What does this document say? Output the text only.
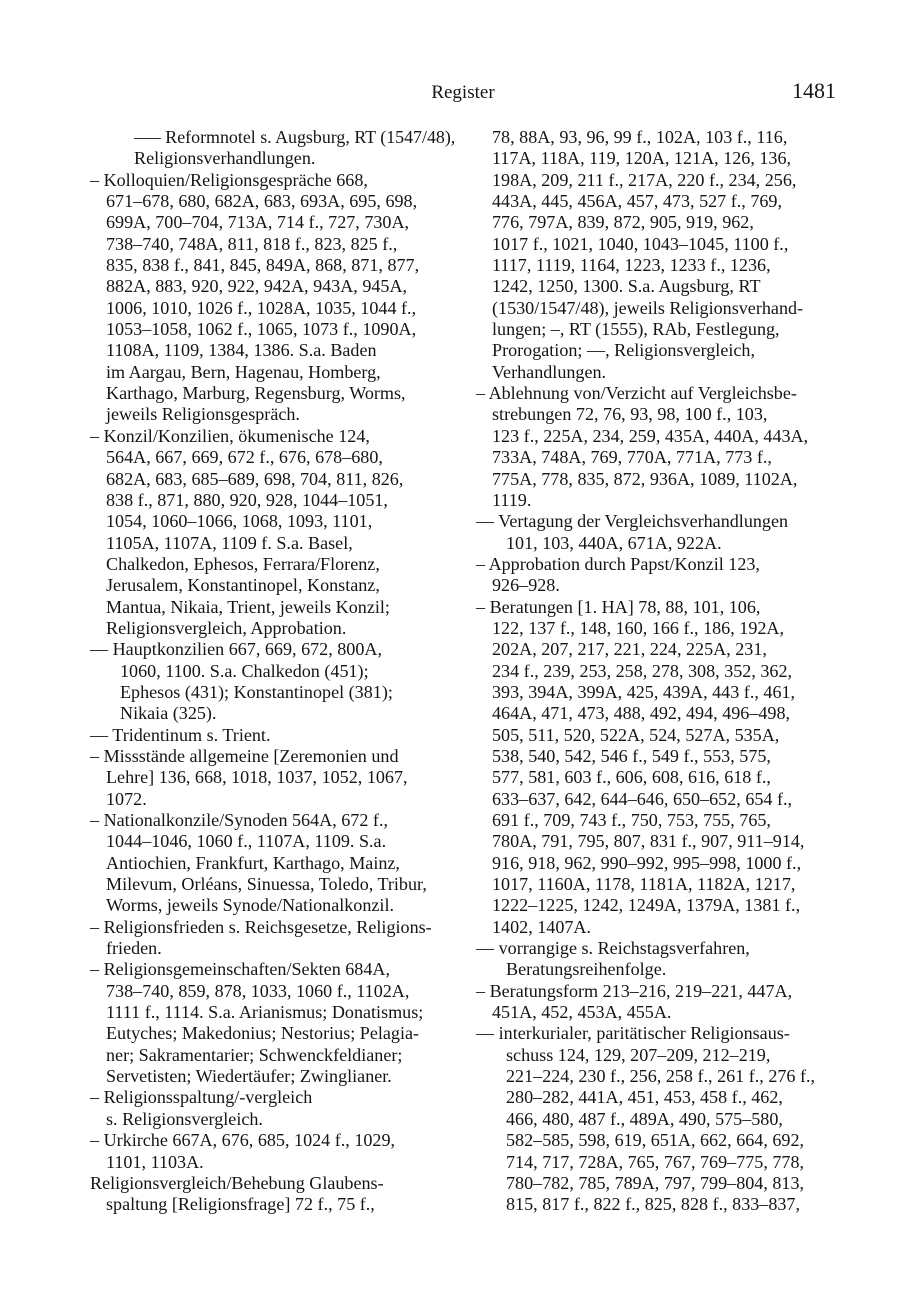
Register	1481
––– Reformnotel s. Augsburg, RT (1547/48),
Religionsverhandlungen.
– Kolloquien/Religionsgespräche 668,
671–678, 680, 682A, 683, 693A, 695, 698,
699A, 700–704, 713A, 714 f., 727, 730A,
738–740, 748A, 811, 818 f., 823, 825 f.,
835, 838 f., 841, 845, 849A, 868, 871, 877,
882A, 883, 920, 922, 942A, 943A, 945A,
1006, 1010, 1026 f., 1028A, 1035, 1044 f.,
1053–1058, 1062 f., 1065, 1073 f., 1090A,
1108A, 1109, 1384, 1386. S.a. Baden
im Aargau, Bern, Hagenau, Homberg,
Karthago, Marburg, Regensburg, Worms,
jeweils Religionsgespräch.
– Konzil/Konzilien, ökumenische 124,
564A, 667, 669, 672 f., 676, 678–680,
682A, 683, 685–689, 698, 704, 811, 826,
838 f., 871, 880, 920, 928, 1044–1051,
1054, 1060–1066, 1068, 1093, 1101,
1105A, 1107A, 1109 f. S.a. Basel,
Chalkedon, Ephesos, Ferrara/Florenz,
Jerusalem, Konstantinopel, Konstanz,
Mantua, Nikaia, Trient, jeweils Konzil;
Religionsvergleich, Approbation.
–– Hauptkonzilien 667, 669, 672, 800A,
1060, 1100. S.a. Chalkedon (451);
Ephesos (431); Konstantinopel (381);
Nikaia (325).
–– Tridentinum s. Trient.
– Missstände allgemeine [Zeremonien und
Lehre] 136, 668, 1018, 1037, 1052, 1067,
1072.
– Nationalkonzile/Synoden 564A, 672 f.,
1044–1046, 1060 f., 1107A, 1109. S.a.
Antiochien, Frankfurt, Karthago, Mainz,
Milevum, Orléans, Sinuessa, Toledo, Tribur,
Worms, jeweils Synode/Nationalkonzil.
– Religionsfrieden s. Reichsgesetze, Religions-
frieden.
– Religionsgemeinschaften/Sekten 684A,
738–740, 859, 878, 1033, 1060 f., 1102A,
1111 f., 1114. S.a. Arianismus; Donatismus;
Eutyches; Makedonius; Nestorius; Pelagia-
ner; Sakramentarier; Schwenckfeldianer;
Servetisten; Wiedertäufer; Zwinglianer.
– Religionsspaltung/-vergleich
s. Religionsvergleich.
– Urkirche 667A, 676, 685, 1024 f., 1029,
1101, 1103A.
Religionsvergleich/Behebung Glaubens-
spaltung [Religionsfrage] 72 f., 75 f.,
78, 88A, 93, 96, 99 f., 102A, 103 f., 116,
117A, 118A, 119, 120A, 121A, 126, 136,
198A, 209, 211 f., 217A, 220 f., 234, 256,
443A, 445, 456A, 457, 473, 527 f., 769,
776, 797A, 839, 872, 905, 919, 962,
1017 f., 1021, 1040, 1043–1045, 1100 f.,
1117, 1119, 1164, 1223, 1233 f., 1236,
1242, 1250, 1300. S.a. Augsburg, RT
(1530/1547/48), jeweils Religionsverhand-
lungen; –, RT (1555), RAb, Festlegung,
Prorogation; ––, Religionsvergleich,
Verhandlungen.
– Ablehnung von/Verzicht auf Vergleichsbe-
strebungen 72, 76, 93, 98, 100 f., 103,
123 f., 225A, 234, 259, 435A, 440A, 443A,
733A, 748A, 769, 770A, 771A, 773 f.,
775A, 778, 835, 872, 936A, 1089, 1102A,
1119.
–– Vertagung der Vergleichsverhandlungen
101, 103, 440A, 671A, 922A.
– Approbation durch Papst/Konzil 123,
926–928.
– Beratungen [1. HA] 78, 88, 101, 106,
122, 137 f., 148, 160, 166 f., 186, 192A,
202A, 207, 217, 221, 224, 225A, 231,
234 f., 239, 253, 258, 278, 308, 352, 362,
393, 394A, 399A, 425, 439A, 443 f., 461,
464A, 471, 473, 488, 492, 494, 496–498,
505, 511, 520, 522A, 524, 527A, 535A,
538, 540, 542, 546 f., 549 f., 553, 575,
577, 581, 603 f., 606, 608, 616, 618 f.,
633–637, 642, 644–646, 650–652, 654 f.,
691 f., 709, 743 f., 750, 753, 755, 765,
780A, 791, 795, 807, 831 f., 907, 911–914,
916, 918, 962, 990–992, 995–998, 1000 f.,
1017, 1160A, 1178, 1181A, 1182A, 1217,
1222–1225, 1242, 1249A, 1379A, 1381 f.,
1402, 1407A.
–– vorrangige s. Reichstagsverfahren,
Beratungsreihenfolge.
– Beratungsform 213–216, 219–221, 447A,
451A, 452, 453A, 455A.
–– interkurialer, paritätischer Religionsaus-
schuss 124, 129, 207–209, 212–219,
221–224, 230 f., 256, 258 f., 261 f., 276 f.,
280–282, 441A, 451, 453, 458 f., 462,
466, 480, 487 f., 489A, 490, 575–580,
582–585, 598, 619, 651A, 662, 664, 692,
714, 717, 728A, 765, 767, 769–775, 778,
780–782, 785, 789A, 797, 799–804, 813,
815, 817 f., 822 f., 825, 828 f., 833–837,
